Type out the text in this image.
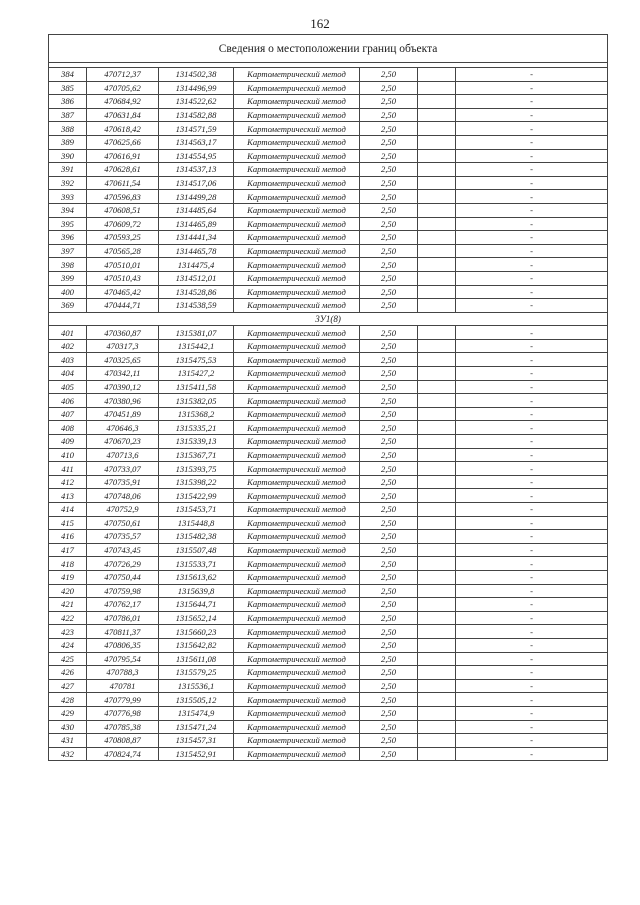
162
Сведения о местоположении границ объекта						

384	470712,37	1314502,38	Картометрический метод	2,50		-
385	470705,62	1314496,99	Картометрический метод	2,50		-
386	470684,92	1314522,62	Картометрический метод	2,50		-
387	470631,84	1314582,88	Картометрический метод	2,50		-
388	470618,42	1314571,59	Картометрический метод	2,50		-
389	470625,66	1314563,17	Картометрический метод	2,50		-
390	470616,91	1314554,95	Картометрический метод	2,50		-
391	470628,61	1314537,13	Картометрический метод	2,50		-
392	470611,54	1314517,06	Картометрический метод	2,50		-
393	470596,83	1314499,28	Картометрический метод	2,50		-
394	470608,51	1314485,64	Картометрический метод	2,50		-
395	470609,72	1314465,89	Картометрический метод	2,50		-
396	470593,25	1314441,34	Картометрический метод	2,50		-
397	470565,28	1314465,78	Картометрический метод	2,50		-
398	470510,01	1314475,4	Картометрический метод	2,50		-
399	470510,43	1314512,01	Картометрический метод	2,50		-
400	470465,42	1314528,86	Картометрический метод	2,50		-
369	470444,71	1314538,59	Картометрический метод	2,50		-
3У1(8)						
401	470360,87	1315381,07	Картометрический метод	2,50		-
402	470317,3	1315442,1	Картометрический метод	2,50		-
403	470325,65	1315475,53	Картометрический метод	2,50		-
404	470342,11	1315427,2	Картометрический метод	2,50		-
405	470390,12	1315411,58	Картометрический метод	2,50		-
406	470380,96	1315382,05	Картометрический метод	2,50		-
407	470451,89	1315368,2	Картометрический метод	2,50		-
408	470646,3	1315335,21	Картометрический метод	2,50		-
409	470670,23	1315339,13	Картометрический метод	2,50		-
410	470713,6	1315367,71	Картометрический метод	2,50		-
411	470733,07	1315393,75	Картометрический метод	2,50		-
412	470735,91	1315398,22	Картометрический метод	2,50		-
413	470748,06	1315422,99	Картометрический метод	2,50		-
414	470752,9	1315453,71	Картометрический метод	2,50		-
415	470750,61	1315448,8	Картометрический метод	2,50		-
416	470735,57	1315482,38	Картометрический метод	2,50		-
417	470743,45	1315507,48	Картометрический метод	2,50		-
418	470726,29	1315533,71	Картометрический метод	2,50		-
419	470750,44	1315613,62	Картометрический метод	2,50		-
420	470759,98	1315639,8	Картометрический метод	2,50		-
421	470762,17	1315644,71	Картометрический метод	2,50		-
422	470786,01	1315652,14	Картометрический метод	2,50		-
423	470811,37	1315660,23	Картометрический метод	2,50		-
424	470806,35	1315642,82	Картометрический метод	2,50		-
425	470795,54	1315611,08	Картометрический метод	2,50		-
426	470788,3	1315579,25	Картометрический метод	2,50		-
427	470781	1315536,1	Картометрический метод	2,50		-
428	470779,99	1315505,12	Картометрический метод	2,50		-
429	470776,98	1315474,9	Картометрический метод	2,50		-
430	470785,38	1315471,24	Картометрический метод	2,50		-
431	470808,87	1315457,31	Картометрический метод	2,50		-
432	470824,74	1315452,91	Картометрический метод	2,50		-
